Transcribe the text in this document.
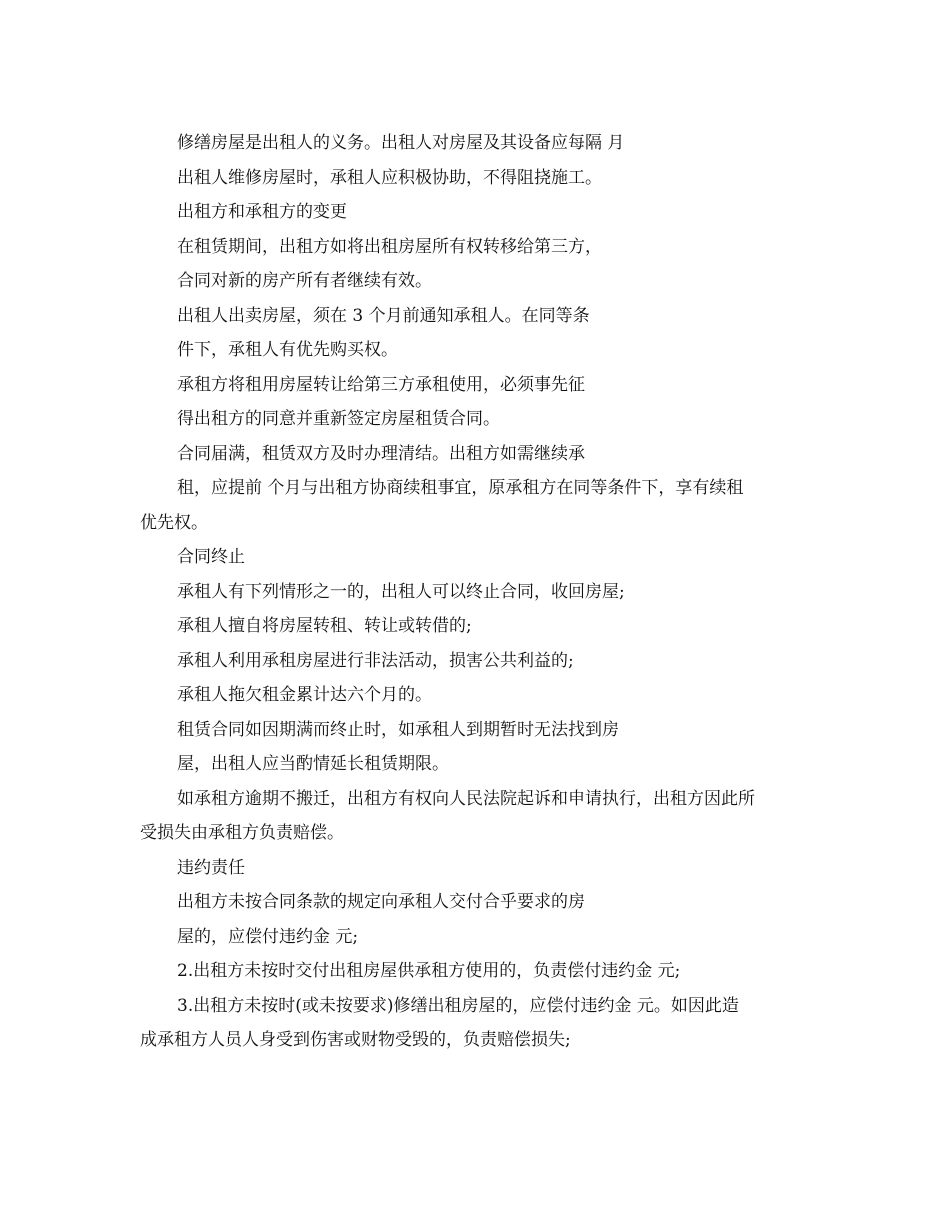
修缮房屋是出租人的义务。出租人对房屋及其设备应每隔 月
出租人维修房屋时，承租人应积极协助，不得阻挠施工。
出租方和承租方的变更
在租赁期间，出租方如将出租房屋所有权转移给第三方，
合同对新的房产所有者继续有效。
出租人出卖房屋，须在 3 个月前通知承租人。在同等条
件下，承租人有优先购买权。
承租方将租用房屋转让给第三方承租使用，必须事先征
得出租方的同意并重新签定房屋租赁合同。
合同届满，租赁双方及时办理清结。出租方如需继续承
租，应提前 个月与出租方协商续租事宜，原承租方在同等条件下，享有续租
优先权。
合同终止
承租人有下列情形之一的，出租人可以终止合同，收回房屋;
承租人擅自将房屋转租、转让或转借的;
承租人利用承租房屋进行非法活动，损害公共利益的;
承租人拖欠租金累计达六个月的。
租赁合同如因期满而终止时，如承租人到期暂时无法找到房
屋，出租人应当酌情延长租赁期限。
如承租方逾期不搬迁，出租方有权向人民法院起诉和申请执行，出租方因此所
受损失由承租方负责赔偿。
违约责任
出租方未按合同条款的规定向承租人交付合乎要求的房
屋的，应偿付违约金 元;
2.出租方未按时交付出租房屋供承租方使用的，负责偿付违约金 元;
3.出租方未按时(或未按要求)修缮出租房屋的，应偿付违约金 元。如因此造
成承租方人员人身受到伤害或财物受毁的，负责赔偿损失;
